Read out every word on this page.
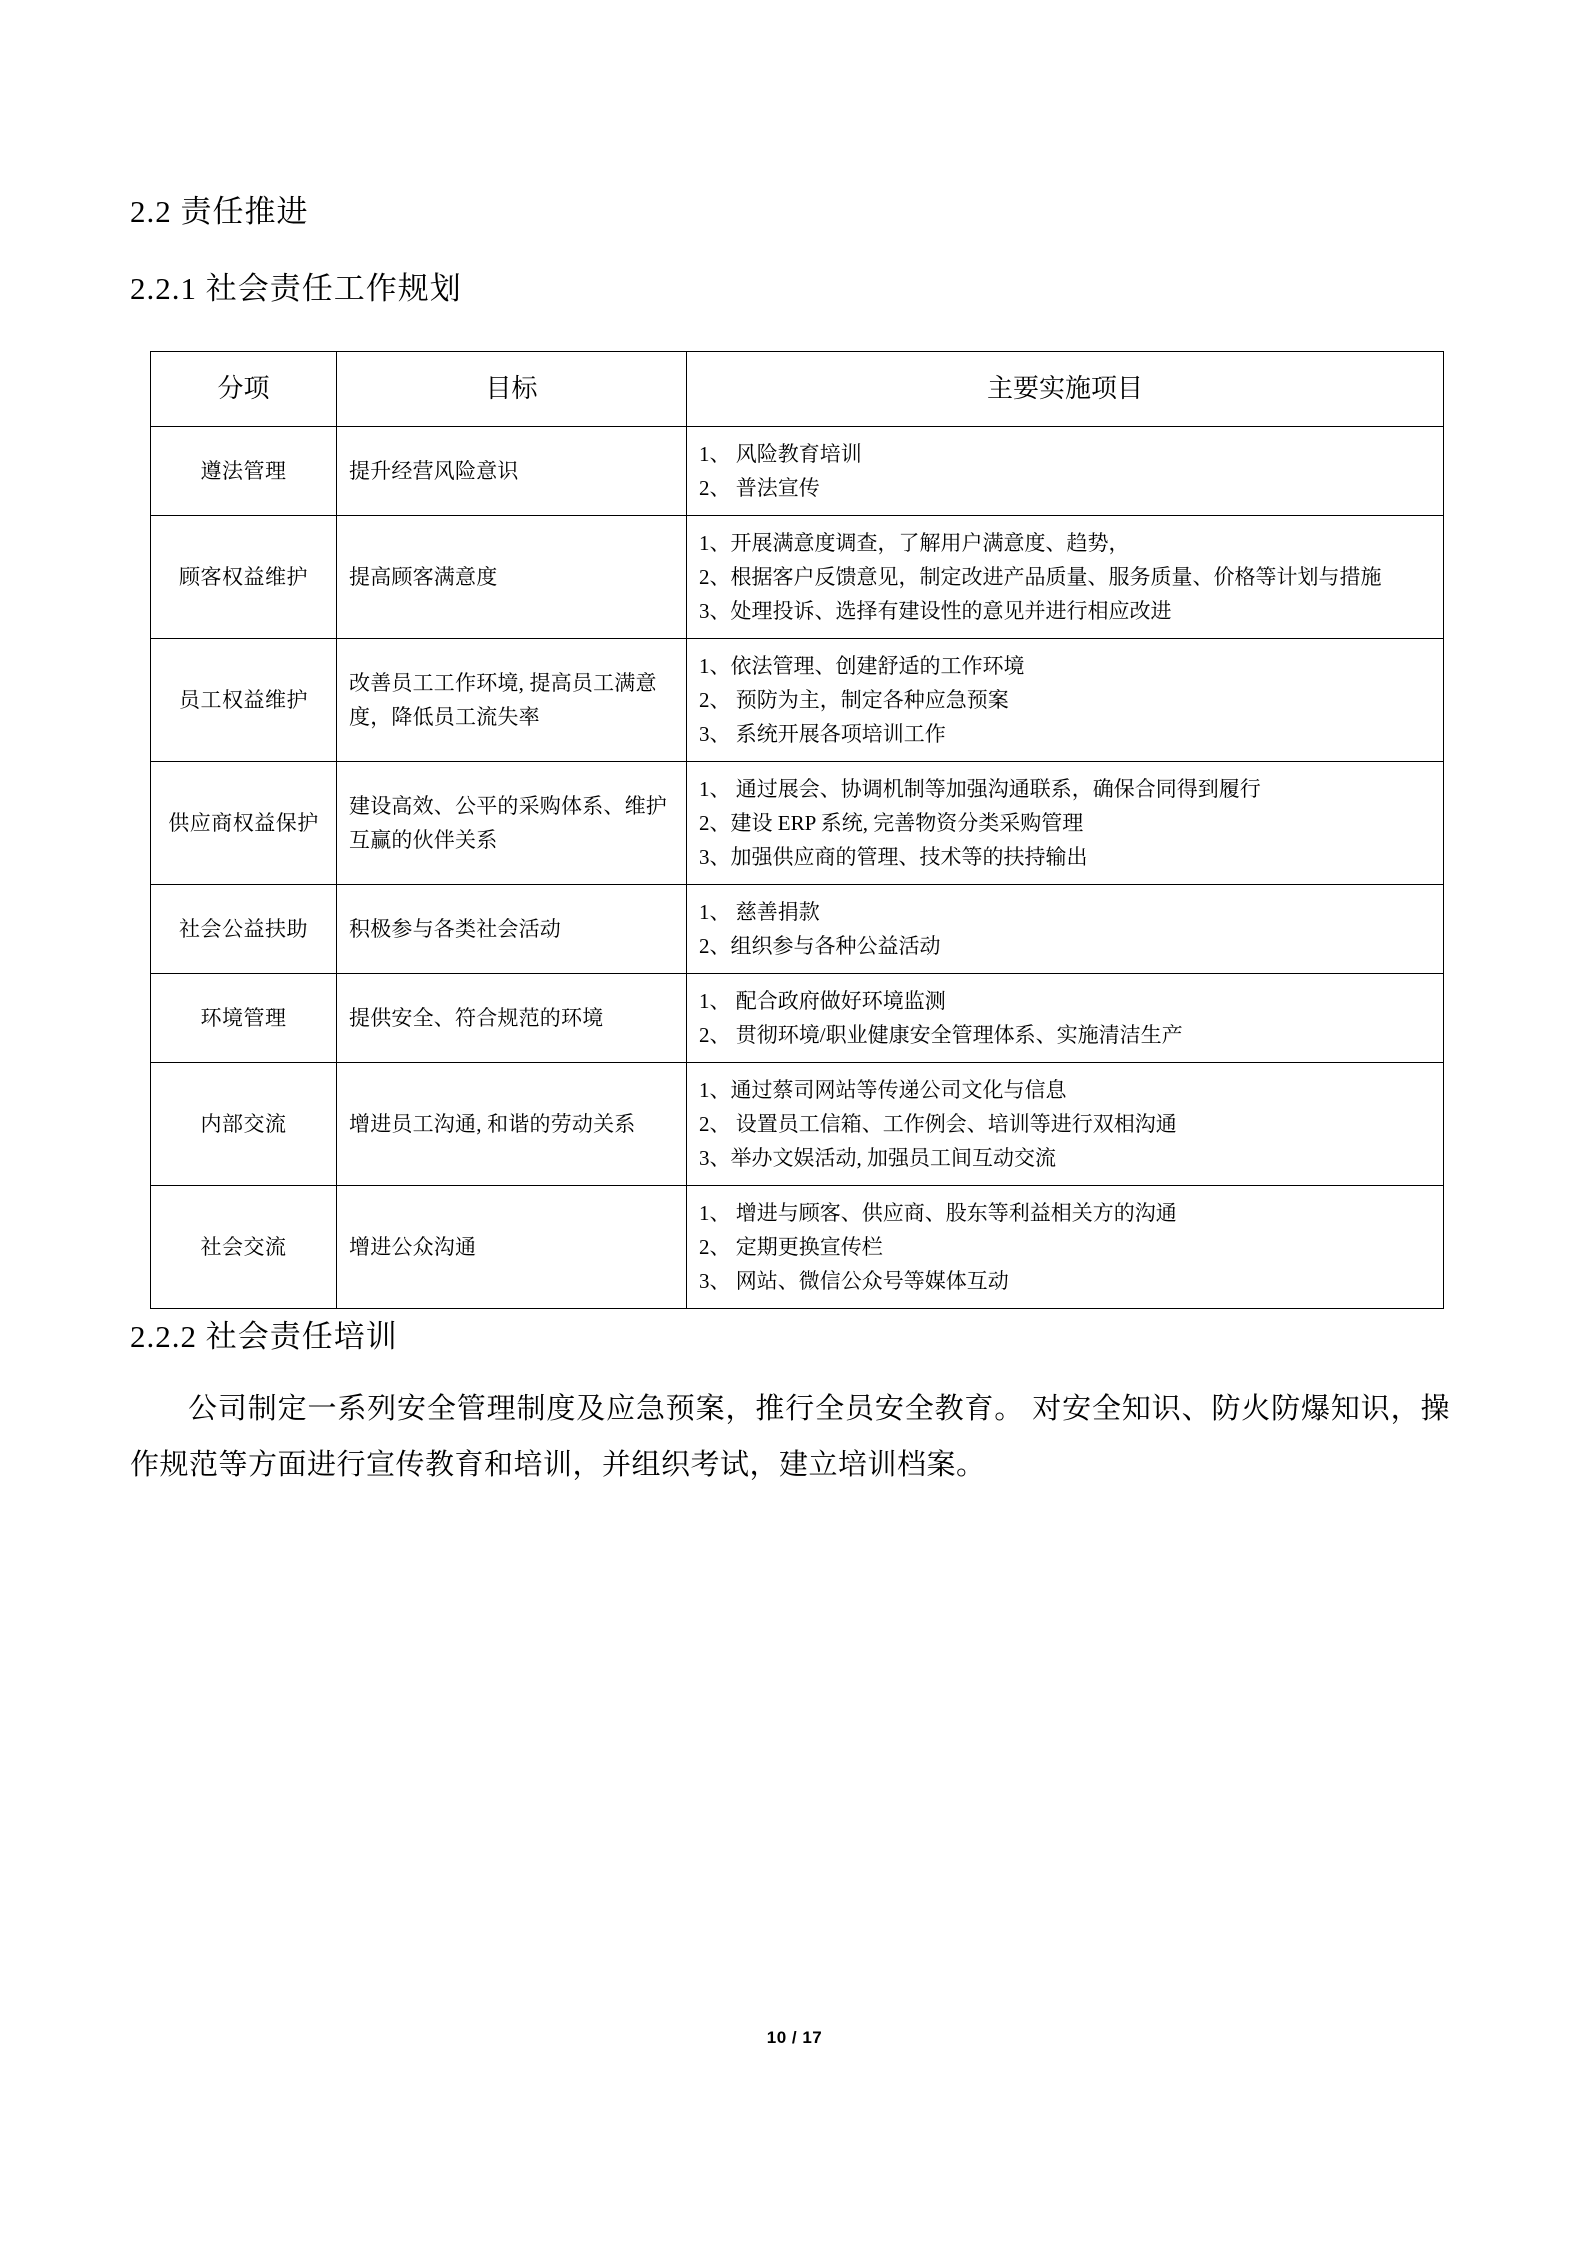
2.2 责任推进
2.2.1 社会责任工作规划
分项	目标	主要实施项目
遵法管理	提升经营风险意识	1、 风险教育培训
2、 普法宣传

顾客权益维护	提高顾客满意度	1、开展满意度调查，了解用户满意度、趋势，
2、根据客户反馈意见，制定改进产品质量、服务质量、价格等计划与措施
3、处理投诉、选择有建设性的意见并进行相应改进

员工权益维护	改善员工工作环境, 提高员工满意度，降低员工流失率	1、依法管理、创建舒适的工作环境
2、 预防为主，制定各种应急预案
3、 系统开展各项培训工作

供应商权益保护	建设高效、公平的采购体系、维护互赢的伙伴关系	1、 通过展会、协调机制等加强沟通联系，确保合同得到履行
2、建设 ERP 系统, 完善物资分类采购管理
3、加强供应商的管理、技术等的扶持输出

社会公益扶助	积极参与各类社会活动	1、 慈善捐款
2、组织参与各种公益活动

环境管理	提供安全、符合规范的环境	1、 配合政府做好环境监测
2、 贯彻环境/职业健康安全管理体系、实施清洁生产

内部交流	增进员工沟通, 和谐的劳动关系	1、通过蔡司网站等传递公司文化与信息
2、 设置员工信箱、工作例会、培训等进行双相沟通
3、举办文娱活动, 加强员工间互动交流

社会交流	增进公众沟通	1、 增进与顾客、供应商、股东等利益相关方的沟通
2、 定期更换宣传栏
3、 网站、微信公众号等媒体互动
2.2.2 社会责任培训

公司制定一系列安全管理制度及应急预案，推行全员安全教育。 对安全知识、防火防爆知识，操作规范等方面进行宣传教育和培训，并组织考试，建立培训档案。

10 / 17
